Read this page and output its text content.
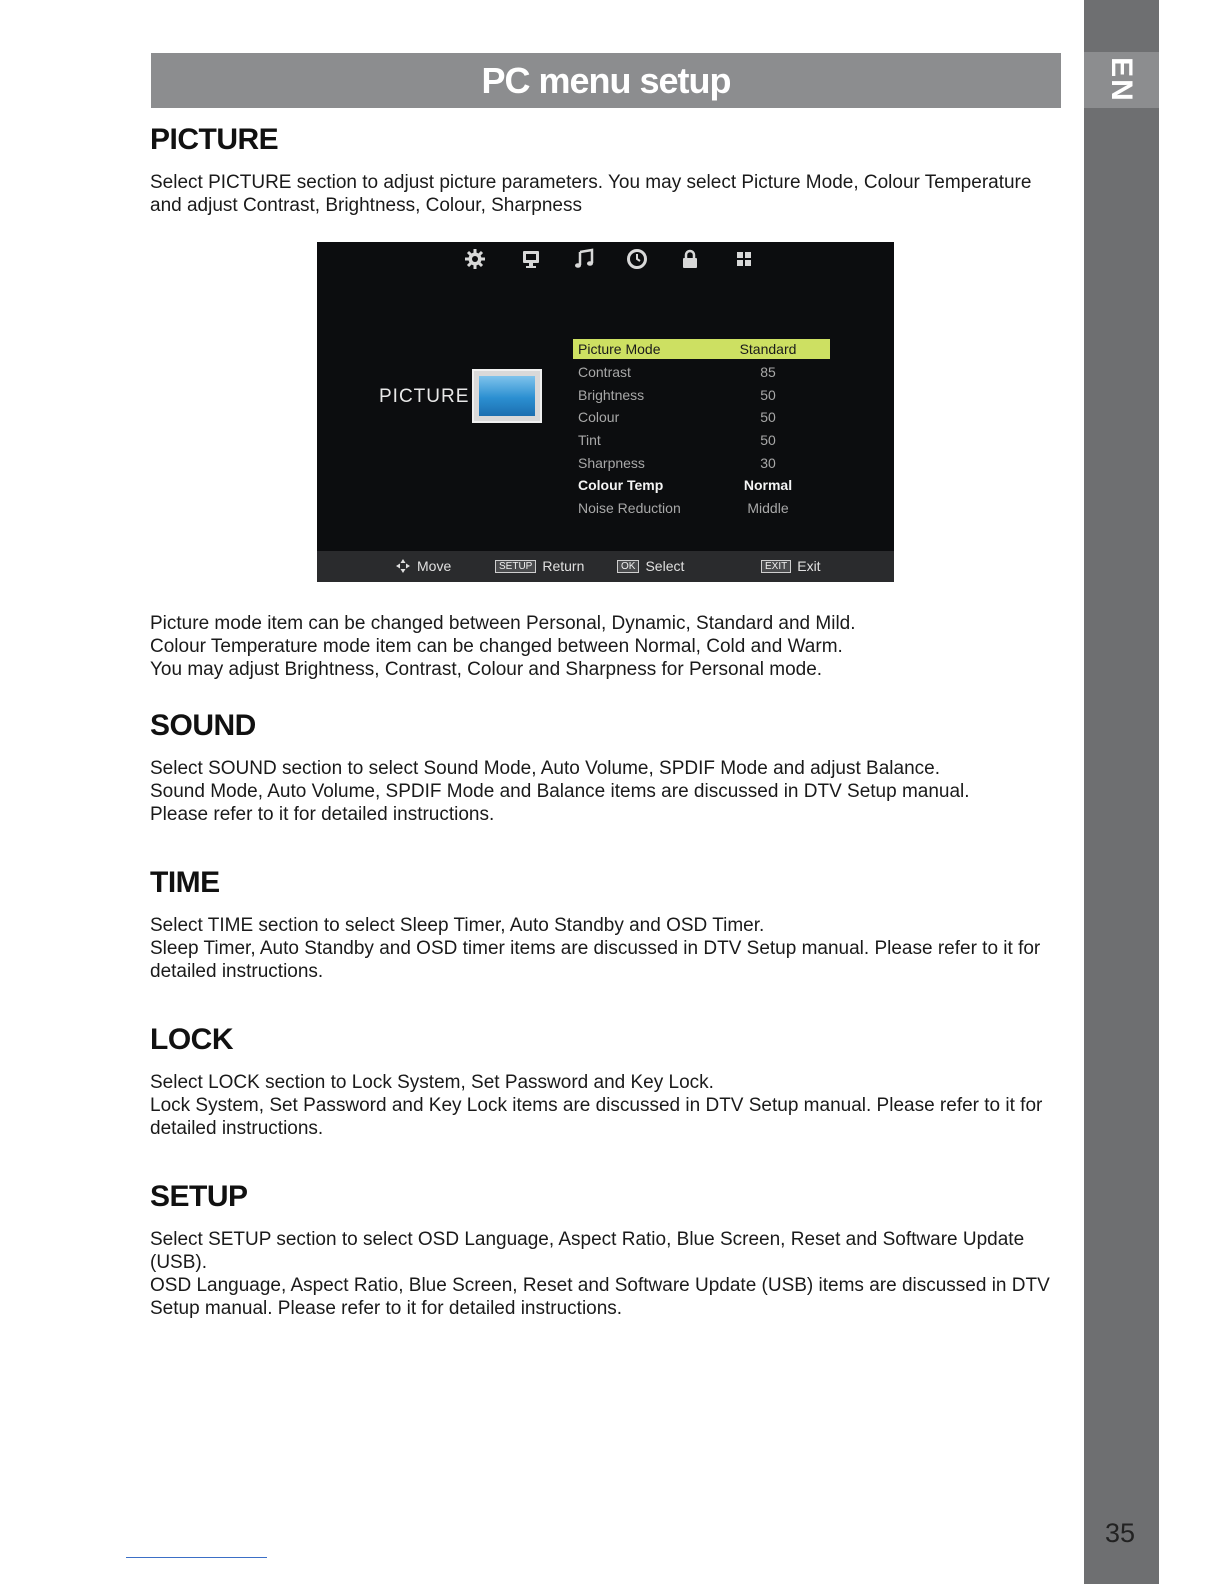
EN
35
PC menu setup
PICTURE

Select PICTURE section to adjust picture parameters. You may select Picture Mode, Colour Temperature
and adjust Contrast, Brightness, Colour, Sharpness

PICTURE
Picture Mode	Standard
Contrast	85
Brightness	50
Colour	50
Tint	50
Sharpness	30
Colour Temp	Normal
Noise Reduction	Middle
Move	SETUP Return	OK Select	EXIT Exit

Picture mode item can be changed between Personal, Dynamic, Standard and Mild.
Colour Temperature mode item can be changed between Normal, Cold and Warm.
You may adjust Brightness, Contrast, Colour and Sharpness for Personal mode.

SOUND

Select SOUND section to select Sound Mode, Auto Volume, SPDIF Mode and adjust Balance.
Sound Mode, Auto Volume, SPDIF Mode and Balance items are discussed in DTV Setup manual.
Please refer to it for detailed instructions.

TIME

Select TIME section to select Sleep Timer, Auto Standby and OSD Timer.
Sleep Timer, Auto Standby and OSD timer items are discussed in DTV Setup manual. Please refer to it for
detailed instructions.

LOCK

Select LOCK section to Lock System, Set Password and Key Lock.
Lock System, Set Password and Key Lock items are discussed in DTV Setup manual. Please refer to it for
detailed instructions.

SETUP

Select SETUP section to select OSD Language, Aspect Ratio, Blue Screen, Reset and Software Update
(USB).
OSD Language, Aspect Ratio, Blue Screen, Reset and Software Update (USB) items are discussed in DTV
Setup manual. Please refer to it for detailed instructions.
